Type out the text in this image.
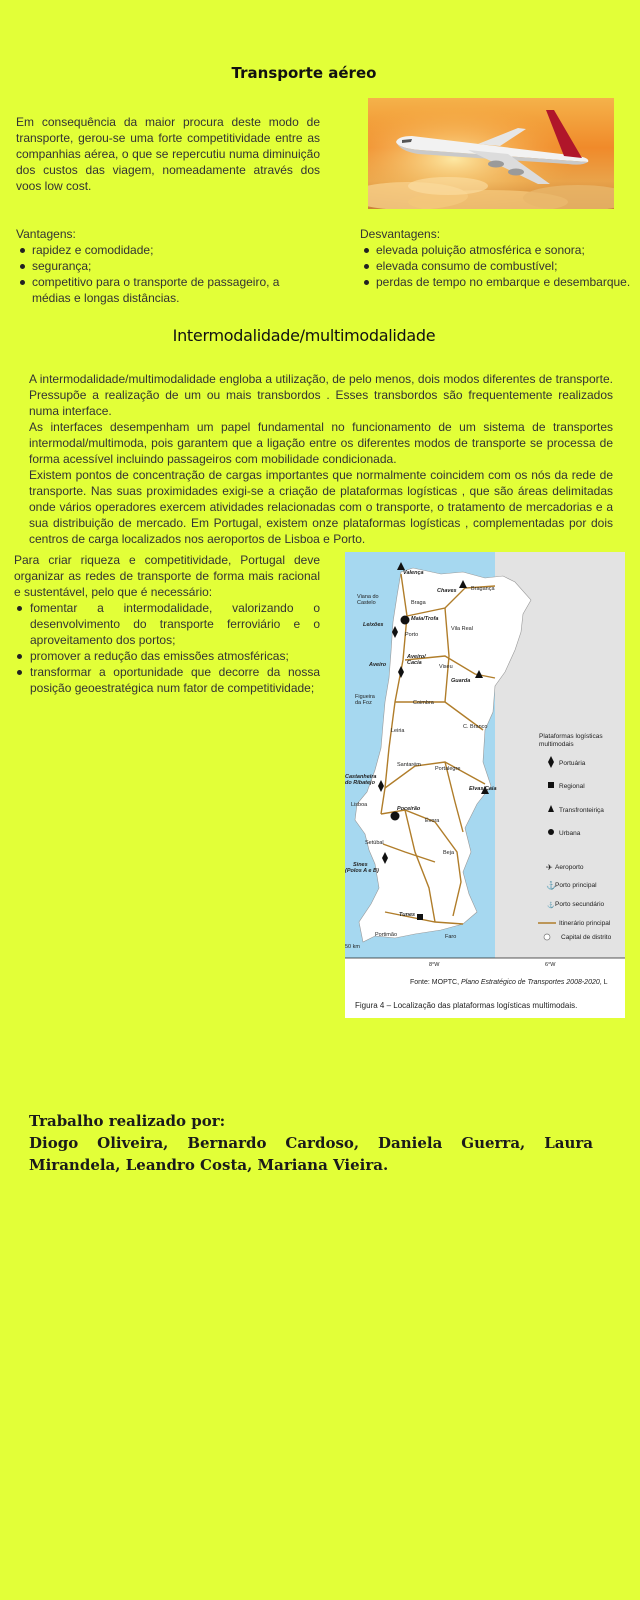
Transporte aéreo
Em consequência da maior procura deste modo de transporte, gerou-se uma forte competitividade entre as companhias aérea, o que se repercutiu numa diminuição dos custos das viagem, nomeadamente através dos voos low cost.
Vantagens:
rapidez e comodidade;
segurança;
competitivo para o transporte de passageiro, a médias e longas distâncias.
Desvantagens:
elevada poluição atmosférica e sonora;
elevada consumo de combustível;
perdas de tempo no embarque e desembarque.
Intermodalidade/multimodalidade

A intermodalidade/multimodalidade engloba a utilização, de pelo menos, dois modos diferentes de transporte. Pressupõe a realização de um ou mais transbordos . Esses transbordos são frequentemente realizados numa interface.

As interfaces desempenham um papel fundamental no funcionamento de um sistema de transportes intermodal/multimoda, pois garantem que a ligação entre os diferentes modos de transporte se processa de forma acessível incluindo passageiros com mobilidade condicionada.

Existem pontos de concentração de cargas importantes que normalmente coincidem com os nós da rede de transporte. Nas suas proximidades exigi-se a criação de plataformas logísticas , que são áreas delimitadas onde vários operadores exercem atividades relacionadas com o transporte, o tratamento de mercadorias e a sua distribuição de mercado. Em Portugal, existem onze plataformas logísticas , complementadas por dois centros de carga localizados nos aeroportos de Lisboa e Porto.

Para criar riqueza e competitividade, Portugal deve organizar as redes de transporte de forma mais racional e sustentável, pelo que é necessário:
fomentar a intermodalidade, valorizando o desenvolvimento do transporte ferroviário e o aproveitamento dos portos;
promover a redução das emissões atmosféricas;
transformar a oportunidade que decorre da nossa posição geoestratégica num fator de competitividade;
Valença
Viana do
Castelo	Braga
Chaves	Bragança
Leixões
Maia/Trofa
Porto
Vila Real
Aveiro
Aveiro/
Cacia
Viseu
Guarda
Figueira
da Foz	Coimbra
Leiria
C. Branco
Santarém
Portalegre
Castanheira
do Ribatejo
Elvas/Caia
Lisboa
Poceirão
Évora
Setúbal
Beja
Sines
(Polos A e B)
Tunes
Portimão	Faro
50 km
Plataformas logísticas
multimodais
Portuária
Regional
Transfronteiriça
Urbana
✈ Aeroporto
⚓ Porto principal
⚓ Porto secundário
Itinerário principal
Capital de distrito
8°W	6°W
Fonte: MOPTC, Plano Estratégico de Transportes 2008-2020, L
Figura 4 – Localização das plataformas logísticas multimodais.
Trabalho realizado por:
Diogo Oliveira, Bernardo Cardoso, Daniela Guerra, Laura Mirandela, Leandro Costa, Mariana Vieira.
